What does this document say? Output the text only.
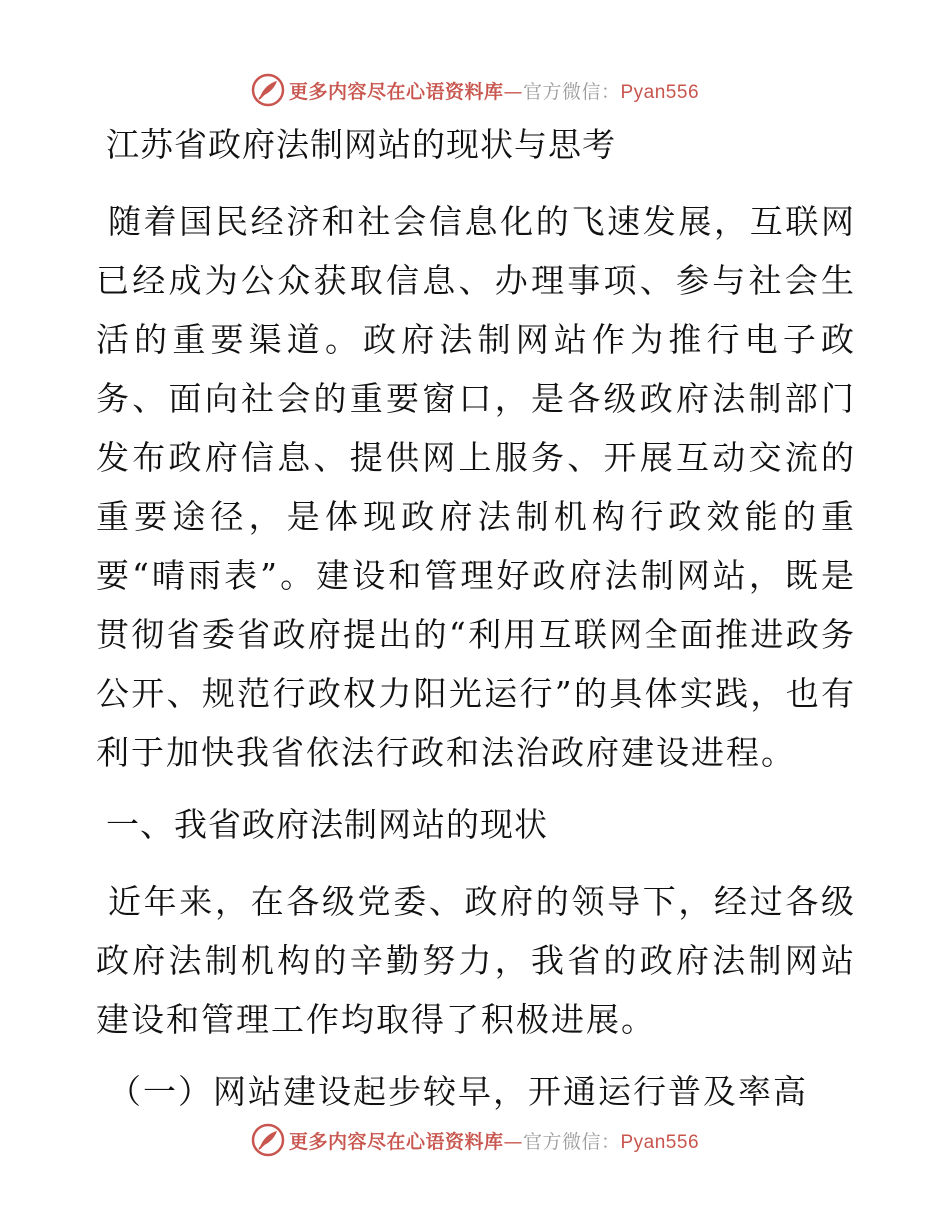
更多内容尽在心语资料库—官方微信：Pyan556
江苏省政府法制网站的现状与思考

随着国民经济和社会信息化的飞速发展，互联网已经成为公众获取信息、办理事项、参与社会生活的重要渠道。政府法制网站作为推行电子政务、面向社会的重要窗口，是各级政府法制部门发布政府信息、提供网上服务、开展互动交流的重要途径，是体现政府法制机构行政效能的重要“晴雨表”。建设和管理好政府法制网站，既是贯彻省委省政府提出的“利用互联网全面推进政务公开、规范行政权力阳光运行”的具体实践，也有利于加快我省依法行政和法治政府建设进程。

一、我省政府法制网站的现状

近年来，在各级党委、政府的领导下，经过各级政府法制机构的辛勤努力，我省的政府法制网站建设和管理工作均取得了积极进展。

（一）网站建设起步较早，开通运行普及率高
更多内容尽在心语资料库—官方微信：Pyan556
